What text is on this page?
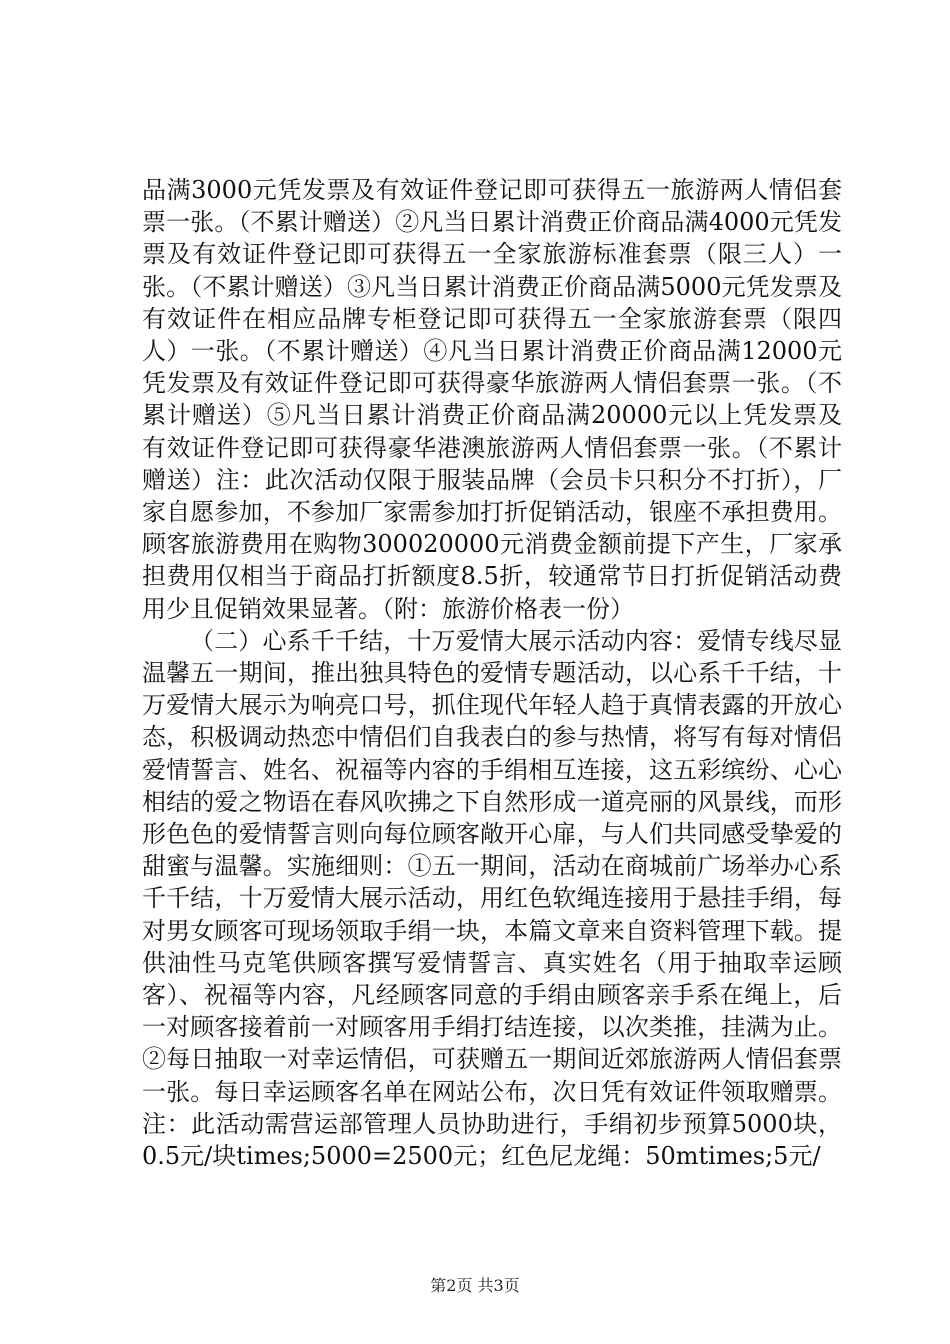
品满3000元凭发票及有效证件登记即可获得五一旅游两人情侣套票一张。（不累计赠送）②凡当日累计消费正价商品满4000元凭发票及有效证件登记即可获得五一全家旅游标准套票（限三人）一张。（不累计赠送）③凡当日累计消费正价商品满5000元凭发票及有效证件在相应品牌专柜登记即可获得五一全家旅游套票（限四人）一张。（不累计赠送）④凡当日累计消费正价商品满12000元凭发票及有效证件登记即可获得豪华旅游两人情侣套票一张。（不累计赠送）⑤凡当日累计消费正价商品满20000元以上凭发票及有效证件登记即可获得豪华港澳旅游两人情侣套票一张。（不累计赠送）注：此次活动仅限于服装品牌（会员卡只积分不打折），厂家自愿参加，不参加厂家需参加打折促销活动，银座不承担费用。顾客旅游费用在购物300020000元消费金额前提下产生，厂家承担费用仅相当于商品打折额度8.5折，较通常节日打折促销活动费用少且促销效果显著。（附：旅游价格表一份）

（二）心系千千结，十万爱情大展示活动内容：爱情专线尽显温馨五一期间，推出独具特色的爱情专题活动，以心系千千结，十万爱情大展示为响亮口号，抓住现代年轻人趋于真情表露的开放心态，积极调动热恋中情侣们自我表白的参与热情，将写有每对情侣爱情誓言、姓名、祝福等内容的手绢相互连接，这五彩缤纷、心心相结的爱之物语在春风吹拂之下自然形成一道亮丽的风景线，而形形色色的爱情誓言则向每位顾客敞开心扉，与人们共同感受挚爱的甜蜜与温馨。实施细则：①五一期间，活动在商城前广场举办心系千千结，十万爱情大展示活动，用红色软绳连接用于悬挂手绢，每对男女顾客可现场领取手绢一块，本篇文章来自资料管理下载。提供油性马克笔供顾客撰写爱情誓言、真实姓名（用于抽取幸运顾客）、祝福等内容，凡经顾客同意的手绢由顾客亲手系在绳上，后一对顾客接着前一对顾客用手绢打结连接，以次类推，挂满为止。②每日抽取一对幸运情侣，可获赠五一期间近郊旅游两人情侣套票一张。每日幸运顾客名单在网站公布，次日凭有效证件领取赠票。注：此活动需营运部管理人员协助进行，手绢初步预算5000块，0.5元/块times;5000=2500元；红色尼龙绳：50mtimes;5元/

第2页 共3页
